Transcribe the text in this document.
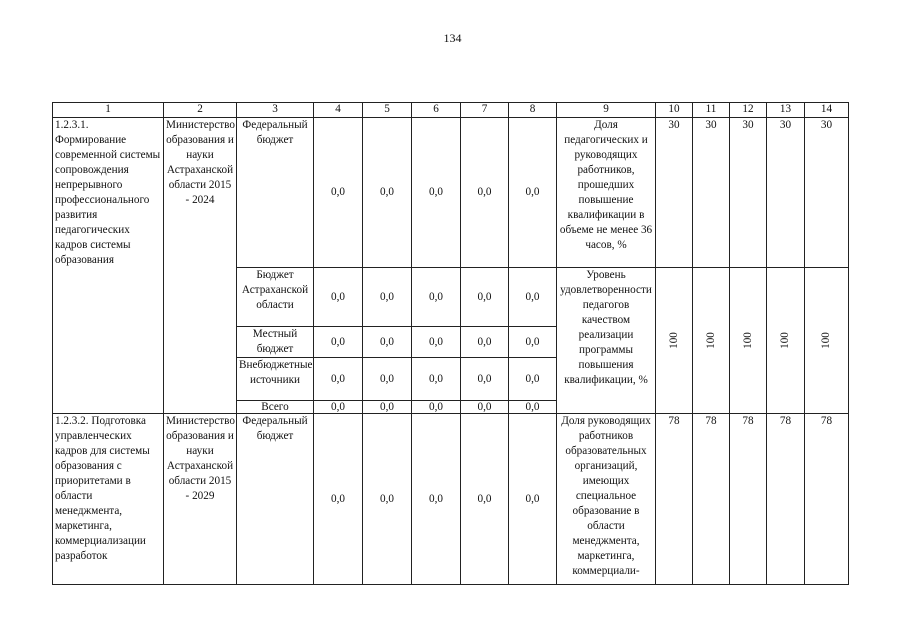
134
1	2	3	4	5	6	7	8	9	10	11	12	13	14
1.2.3.1. Формирование современной системы сопровождения непрерывного профессионального развития педагогических кадров системы образования	Министерство образования и науки Астраханской области 2015 - 2024	Федеральный бюджет	0,0	0,0	0,0	0,0	0,0	Доля педагогических и руководящих работников, прошедших повышение квалификации в объеме не менее 36 часов, %	30	30	30	30	30
		Бюджет Астраханской области	0,0	0,0	0,0	0,0	0,0	Уровень удовлетворенности педагогов качеством реализации программы повышения квалификации, %	100	100	100	100	100
		Местный бюджет	0,0	0,0	0,0	0,0	0,0						
		Внебюджетные источники	0,0	0,0	0,0	0,0	0,0						
		Всего	0,0	0,0	0,0	0,0	0,0						
1.2.3.2. Подготовка управленческих кадров для системы образования с приоритетами в области менеджмента, маркетинга, коммерциализации разработок	Министерство образования и науки Астраханской области 2015 - 2029	Федеральный бюджет	0,0	0,0	0,0	0,0	0,0	Доля руководящих работников образовательных организаций, имеющих специальное образование в области менеджмента, маркетинга, коммерциали-	78	78	78	78	78
